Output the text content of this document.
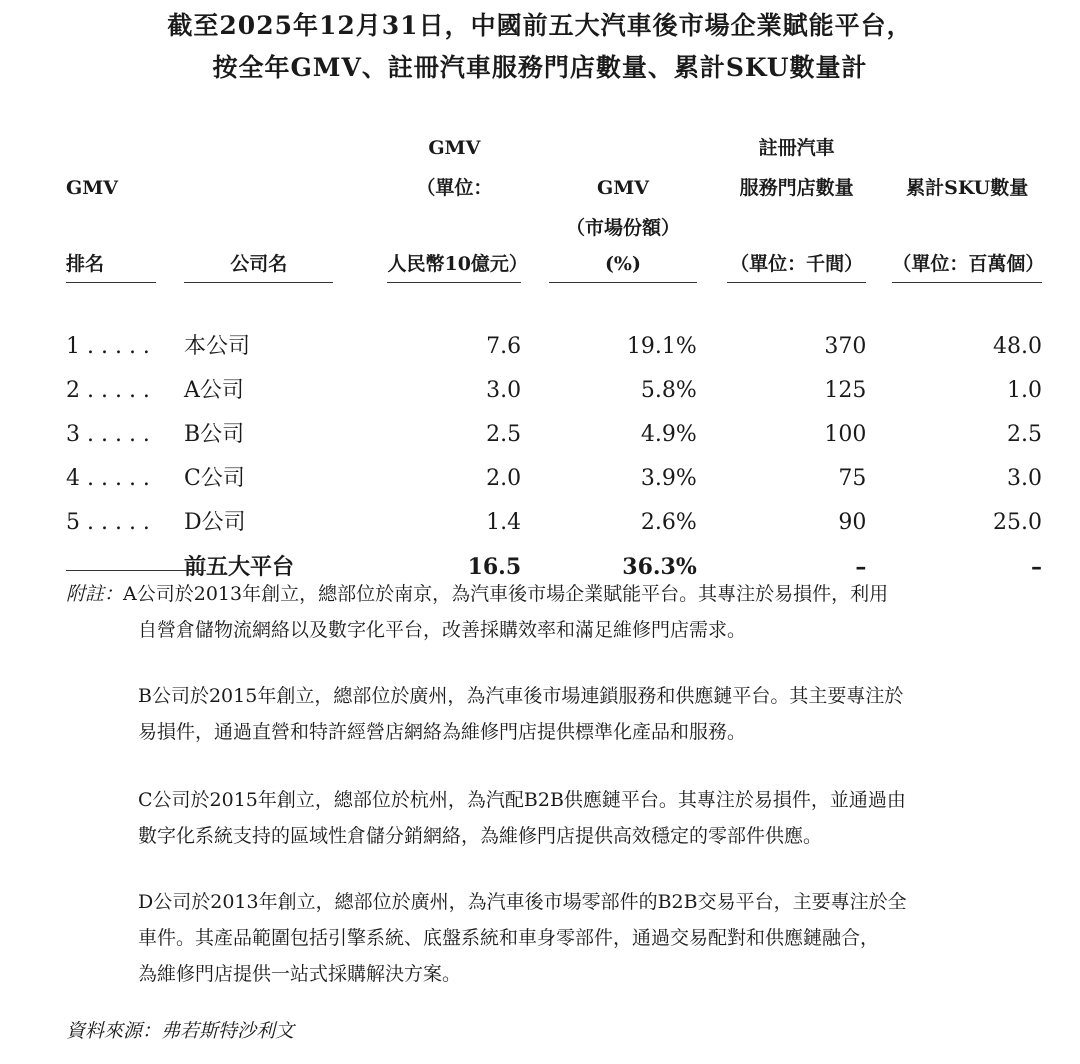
截至2025年12月31日，中國前五大汽車後市場企業賦能平台，
按全年GMV、註冊汽車服務門店數量、累計SKU數量計
		GMV		註冊汽車	
GMV		（單位：	GMV	服務門店數量	累計SKU數量

排名	公司名	人民幣10億元）	（市場份額）(%)	（單位：千間）	（單位：百萬個）

1 . . . . .	本公司	7.6	19.1%	370	48.0
2 . . . . .	A公司	3.0	5.8%	125	1.0
3 . . . . .	B公司	2.5	4.9%	100	2.5
4 . . . . .	C公司	2.0	3.9%	75	3.0
5 . . . . .	D公司	1.4	2.6%	90	25.0
	前五大平台	16.5	36.3%	–	–
附註：A公司於2013年創立，總部位於南京，為汽車後市場企業賦能平台。其專注於易損件，利用
自營倉儲物流網絡以及數字化平台，改善採購效率和滿足維修門店需求。
B公司於2015年創立，總部位於廣州，為汽車後市場連鎖服務和供應鏈平台。其主要專注於
易損件，通過直營和特許經營店網絡為維修門店提供標準化產品和服務。
C公司於2015年創立，總部位於杭州，為汽配B2B供應鏈平台。其專注於易損件，並通過由
數字化系統支持的區域性倉儲分銷網絡，為維修門店提供高效穩定的零部件供應。
D公司於2013年創立，總部位於廣州，為汽車後市場零部件的B2B交易平台，主要專注於全
車件。其產品範圍包括引擎系統、底盤系統和車身零部件，通過交易配對和供應鏈融合，
為維修門店提供一站式採購解決方案。
資料來源：弗若斯特沙利文
